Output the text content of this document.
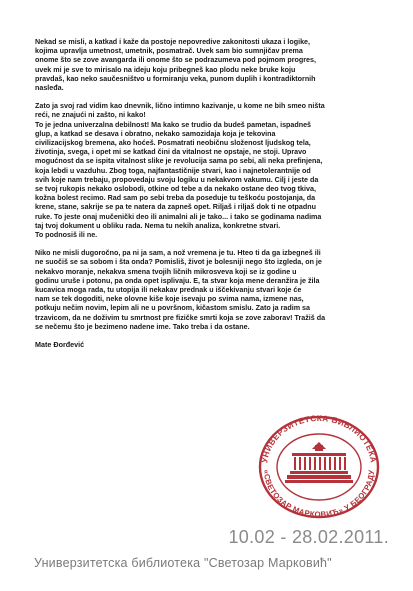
Nekad se misli, a katkad i kaže da postoje nepovredive zakonitosti ukaza i logike,
kojima upravlja umetnost, umetnik, posmatrač. Uvek sam bio sumnjičav prema
onome što se zove avangarda ili onome što se podrazumeva pod pojmom progres,
uvek mi je sve to mirisalo na ideju koju pribegneš kao plodu neke bruke koju
pravdaš, kao neko saučesništvo u formiranju veka, punom duplih i kontradiktornih
nasleđa.

Zato ja svoj rad vidim kao dnevnik, lično intimno kazivanje, u kome ne bih smeo ništa
reći, ne znajući ni zašto, ni kako!

To je jedna univerzalna debilnost! Ma kako se trudio da budeš pametan, ispadneš
glup, a katkad se desava i obratno, nekako samozidaja koja je tekovina
civilizacijskog bremena, ako hoćeš. Posmatrati neobičnu složenost ljudskog tela,
životinja, svega, i opet mi se katkad čini da vitalnost ne opstaje, ne stoji. Upravo
mogućnost da se ispita vitalnost slike je revolucija sama po sebi, ali neka prefinjena,
koja lebdi u vazduhu. Zbog toga, najfantastičnije stvari, kao i najnetolerantnije od
svih koje nam trebaju, propovedaju svoju logiku u nekakvom vakumu. Cilj i jeste da
se tvoj rukopis nekako oslobodi, otkine od tebe a da nekako ostane deo tvog tkiva,
kožna bolest recimo. Rad sam po sebi treba da poseduje tu teškoću postojanja, da
krene, stane, sakrije se pa te natera da zapneš opet. Riljaš i riljaš dok ti ne otpadnu
ruke. To jeste onaj mučenički deo ili animalni ali je tako... i tako se godinama nadima
taj tvoj dokument u obliku rada. Nema tu nekih analiza, konkretne stvari.
To podnosiš ili ne.

Niko ne misli dugoročno, pa ni ja sam, a nož vremena je tu. Hteo ti da ga izbegneš ili
ne suočiš se sa sobom i šta onda? Pomisliš, život je bolesniji nego što izgleda, on je
nekakvo moranje, nekakva smena tvojih ličnih mikrosveva koji se iz godine u
godinu uruše i potonu, pa onda opet isplivaju. E, ta stvar koja mene deranžira je žila
kucavica moga rada, tu utopija ili nekakav prednak u iščekivanju stvari koje će
nam se tek dogoditi, neke olovne kiše koje isevaju po svima nama, izmene nas,
potkuju nečim novim, lepim ali ne u površnom, kičastom smislu. Zato ja radim sa
trzavicom, da ne doživim tu smrtnost pre fizičke smrti koja se zove zaborav! Tražiš da
se nečemu što je bezimeno nadene ime. Tako treba i da ostane.

Mate Đorđević
УНИВЕРЗИТЕТСКА БИБЛИОТЕКА
«СВЕТОЗАР МАРКОВИЋ» У БЕОГРАДУ
10.02 - 28.02.2011.
Универзитетска библиотека "Светозар Марковић"
